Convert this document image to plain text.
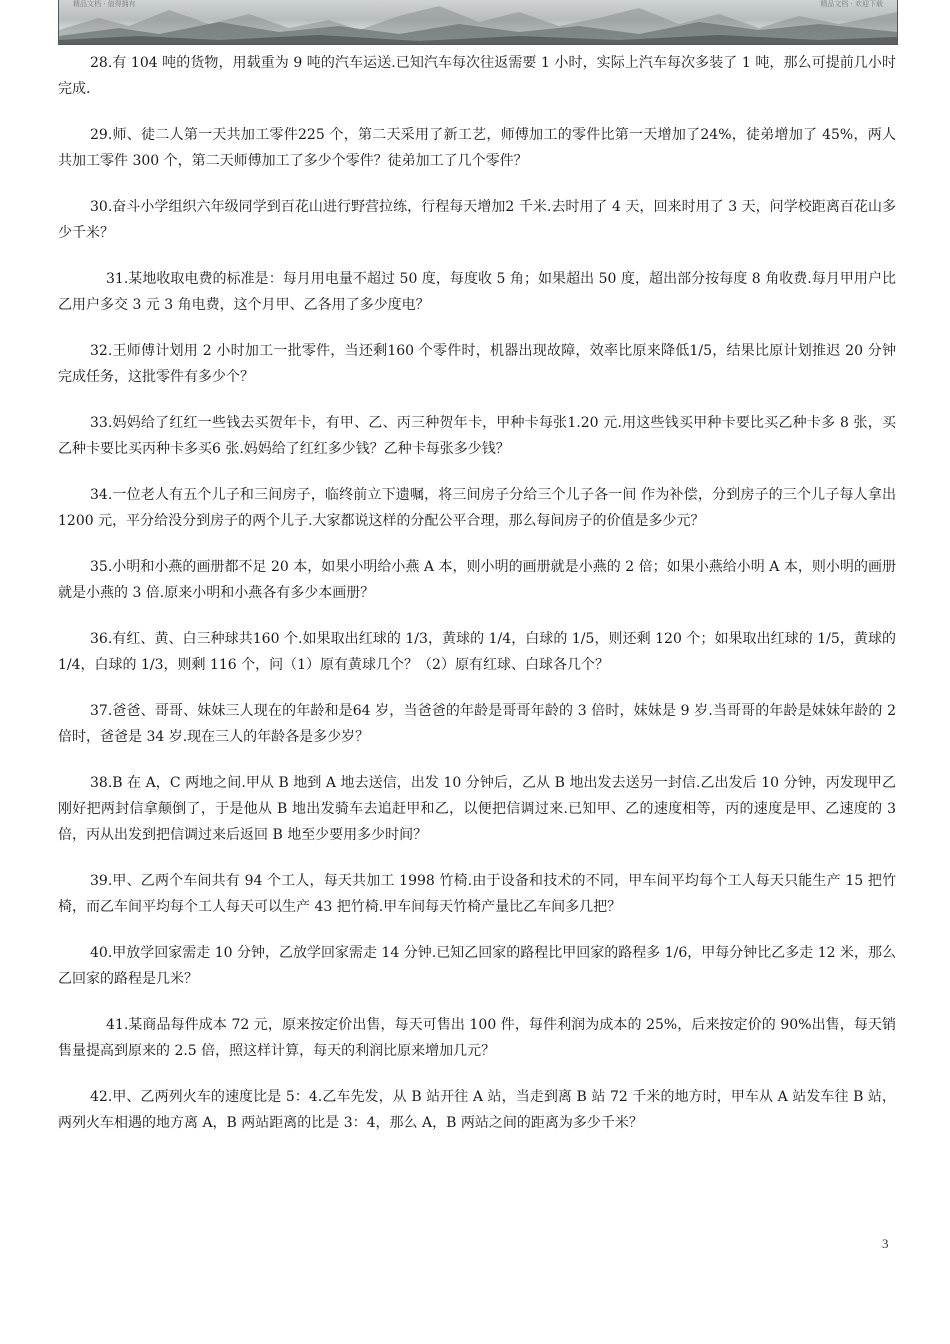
精品文档 · 值得拥有	精品文档 · 欢迎下载

28.有 104 吨的货物，用载重为 9 吨的汽车运送.已知汽车每次往返需要 1 小时，实际上汽车每次多装了 1 吨，那么可提前几小时完成.

29.师、徒二人第一天共加工零件225 个，第二天采用了新工艺，师傅加工的零件比第一天增加了24%，徒弟增加了 45%，两人共加工零件 300 个，第二天师傅加工了多少个零件？徒弟加工了几个零件？

30.奋斗小学组织六年级同学到百花山进行野营拉练，行程每天增加2 千米.去时用了 4 天，回来时用了 3 天，问学校距离百花山多少千米？

31.某地收取电费的标准是：每月用电量不超过 50 度，每度收 5 角；如果超出 50 度，超出部分按每度 8 角收费.每月甲用户比乙用户多交 3 元 3 角电费，这个月甲、乙各用了多少度电？

32.王师傅计划用 2 小时加工一批零件，当还剩160 个零件时，机器出现故障，效率比原来降低1/5，结果比原计划推迟 20 分钟完成任务，这批零件有多少个？

33.妈妈给了红红一些钱去买贺年卡，有甲、乙、丙三种贺年卡，甲种卡每张1.20 元.用这些钱买甲种卡要比买乙种卡多 8 张，买乙种卡要比买丙种卡多买6 张.妈妈给了红红多少钱？乙种卡每张多少钱？

34.一位老人有五个儿子和三间房子，临终前立下遗嘱，将三间房子分给三个儿子各一间 作为补偿，分到房子的三个儿子每人拿出 1200 元，平分给没分到房子的两个儿子.大家都说这样的分配公平合理，那么每间房子的价值是多少元？

35.小明和小燕的画册都不足 20 本，如果小明给小燕 A 本，则小明的画册就是小燕的 2 倍；如果小燕给小明 A 本，则小明的画册就是小燕的 3 倍.原来小明和小燕各有多少本画册？

36.有红、黄、白三种球共160 个.如果取出红球的 1/3，黄球的 1/4，白球的 1/5，则还剩 120 个；如果取出红球的 1/5，黄球的 1/4，白球的 1/3，则剩 116 个，问（1）原有黄球几个？（2）原有红球、白球各几个？

37.爸爸、哥哥、妹妹三人现在的年龄和是64 岁，当爸爸的年龄是哥哥年龄的 3 倍时，妹妹是 9 岁.当哥哥的年龄是妹妹年龄的 2 倍时，爸爸是 34 岁.现在三人的年龄各是多少岁？

38.B 在 A，C 两地之间.甲从 B 地到 A 地去送信，出发 10 分钟后，乙从 B 地出发去送另一封信.乙出发后 10 分钟，丙发现甲乙刚好把两封信拿颠倒了，于是他从 B 地出发骑车去追赶甲和乙，以便把信调过来.已知甲、乙的速度相等，丙的速度是甲、乙速度的 3 倍，丙从出发到把信调过来后返回 B 地至少要用多少时间？

39.甲、乙两个车间共有 94 个工人，每天共加工 1998 竹椅.由于设备和技术的不同，甲车间平均每个工人每天只能生产 15 把竹椅，而乙车间平均每个工人每天可以生产 43 把竹椅.甲车间每天竹椅产量比乙车间多几把？

40.甲放学回家需走 10 分钟，乙放学回家需走 14 分钟.已知乙回家的路程比甲回家的路程多 1/6，甲每分钟比乙多走 12 米，那么乙回家的路程是几米？

41.某商品每件成本 72 元，原来按定价出售，每天可售出 100 件，每件利润为成本的 25%，后来按定价的 90%出售，每天销售量提高到原来的 2.5 倍，照这样计算，每天的利润比原来增加几元？

42.甲、乙两列火车的速度比是 5：4.乙车先发，从 B 站开往 A 站，当走到离 B 站 72 千米的地方时，甲车从 A 站发车往 B 站，两列火车相遇的地方离 A，B 两站距离的比是 3：4，那么 A，B 两站之间的距离为多少千米？

3
